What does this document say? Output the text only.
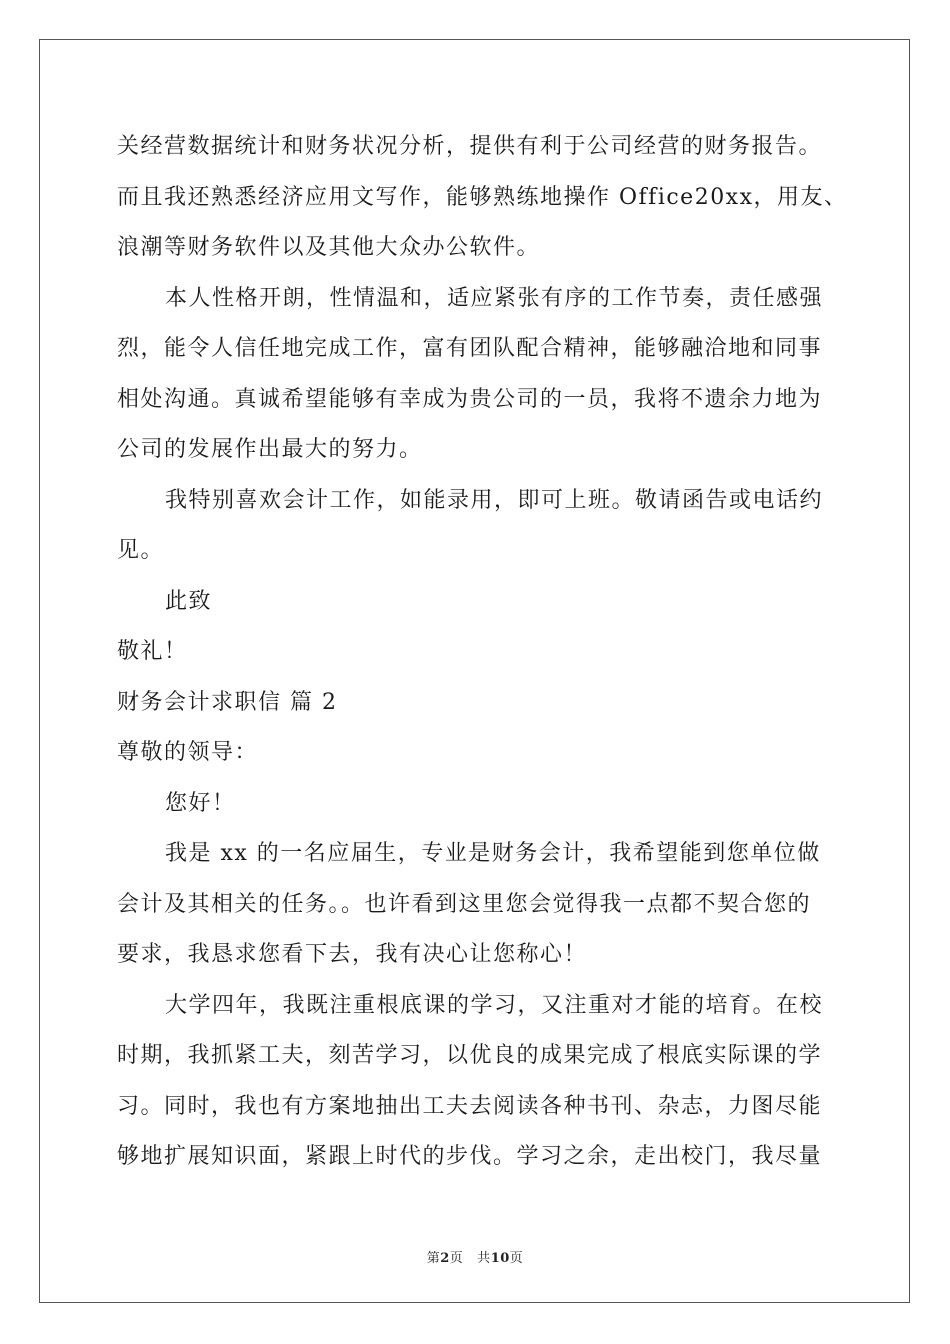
关经营数据统计和财务状况分析，提供有利于公司经营的财务报告。
而且我还熟悉经济应用文写作，能够熟练地操作 Office20xx，用友、
浪潮等财务软件以及其他大众办公软件。
本人性格开朗，性情温和，适应紧张有序的工作节奏，责任感强
烈，能令人信任地完成工作，富有团队配合精神，能够融洽地和同事
相处沟通。真诚希望能够有幸成为贵公司的一员，我将不遗余力地为
公司的发展作出最大的努力。
我特别喜欢会计工作，如能录用，即可上班。敬请函告或电话约
见。
此致
敬礼！
财务会计求职信 篇 2
尊敬的领导：
您好！
我是 xx 的一名应届生，专业是财务会计，我希望能到您单位做
会计及其相关的任务。。也许看到这里您会觉得我一点都不契合您的
要求，我恳求您看下去，我有决心让您称心！
大学四年，我既注重根底课的学习，又注重对才能的培育。在校
时期，我抓紧工夫，刻苦学习，以优良的成果完成了根底实际课的学
习。同时，我也有方案地抽出工夫去阅读各种书刊、杂志，力图尽能
够地扩展知识面，紧跟上时代的步伐。学习之余，走出校门，我尽量
第2页 共10页
